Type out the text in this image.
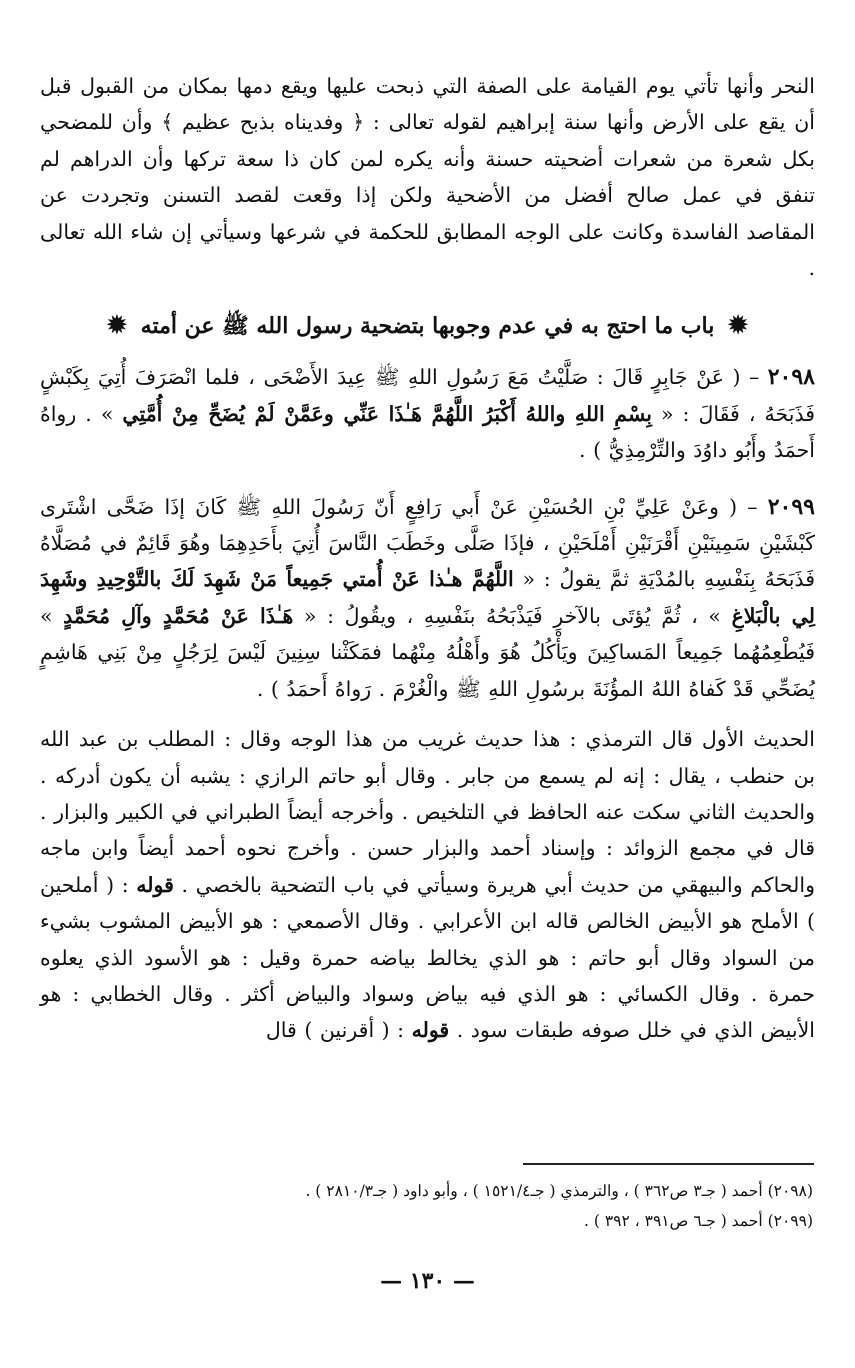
النحر وأنها تأتي يوم القيامة على الصفة التي ذبحت عليها ويقع دمها بمكان من القبول قبل أن يقع على الأرض وأنها سنة إبراهيم لقوله تعالى : ﴿ وفديناه بذبح عظيم ﴾ وأن للمضحي بكل شعرة من شعرات أضحيته حسنة وأنه يكره لمن كان ذا سعة تركها وأن الدراهم لم تنفق في عمل صالح أفضل من الأضحية ولكن إذا وقعت لقصد التسنن وتجردت عن المقاصد الفاسدة وكانت على الوجه المطابق للحكمة في شرعها وسيأتي إن شاء الله تعالى .

✹ باب ما احتج به في عدم وجوبها بتضحية رسول الله ﷺ عن أمته ✹

٢٠٩٨ – ( عَنْ جَابِرٍ قَالَ : صَلَّيْتُ مَعَ رَسُولِ اللهِ ﷺ عِيدَ الأَضْحَى ، فلما انْصَرَفَ أُتِيَ بِكَبْشٍ فَذَبَحَهُ ، فَقَالَ : « بِسْمِ اللهِ واللهُ أَكْبَرُ اللَّهُمَّ هَـٰذَا عَنِّي وعَمَّنْ لَمْ يُضَحِّ مِنْ أُمَّتِي » . رواهُ أَحمَدُ وأَبُو داوُدَ والتِّرْمِذِيُّ ) .

٢٠٩٩ – ( وعَنْ عَلِيِّ بْنِ الحُسَيْنِ عَنْ أَبي رَافِعٍ أَنّ رَسُولَ اللهِ ﷺ كَانَ إذَا ضَحَّى اشْتَرى كَبْشَيْنِ سَمِينَيْنِ أَقْرَنَيْنِ أَمْلَحَيْنِ ، فإذَا صَلَّى وخَطَبَ النَّاسَ أُتِيَ بأَحَدِهِمَا وهُوَ قَائِمٌ في مُصَلَّاهُ فَذَبَحَهُ بِنَفْسِهِ بالمُدْيَةِ ثمَّ يقولُ : « اللَّهُمَّ هـٰذا عَنْ أُمتي جَمِيعاً مَنْ شَهِدَ لَكَ بالتَّوْحِيدِ وشَهِدَ لِي بالْبَلاغِ » ، ثُمَّ يُؤتَى بالآخرِ فَيَذْبَحُهُ بنَفْسِهِ ، ويقُولُ : « هَـٰذَا عَنْ مُحَمَّدٍ وآلِ مُحَمَّدٍ » فَيُطْعِمُهُما جَمِيعاً المَساكِينَ ويَأْكُلُ هُوَ وأَهْلُهُ مِنْهُما فمَكَثْنا سِنِينَ لَيْسَ لِرَجُلٍ مِنْ بَنِي هَاشِمٍ يُضَحِّي قَدْ كَفاهُ اللهُ المؤُنَةَ برسُولِ اللهِ ﷺ والْغُرْمَ . رَواهُ أَحمَدُ ) .

الحديث الأول قال الترمذي : هذا حديث غريب من هذا الوجه وقال : المطلب بن عبد الله بن حنطب ، يقال : إنه لم يسمع من جابر . وقال أبو حاتم الرازي : يشبه أن يكون أدركه . والحديث الثاني سكت عنه الحافظ في التلخيص . وأخرجه أيضاً الطبراني في الكبير والبزار . قال في مجمع الزوائد : وإسناد أحمد والبزار حسن . وأخرج نحوه أحمد أيضاً وابن ماجه والحاكم والبيهقي من حديث أبي هريرة وسيأتي في باب التضحية بالخصي . قوله : ( أملحين ) الأملح هو الأبيض الخالص قاله ابن الأعرابي . وقال الأصمعي : هو الأبيض المشوب بشيء من السواد وقال أبو حاتم : هو الذي يخالط بياضه حمرة وقيل : هو الأسود الذي يعلوه حمرة . وقال الكسائي : هو الذي فيه بياض وسواد والبياض أكثر . وقال الخطابي : هو الأبيض الذي في خلل صوفه طبقات سود . قوله : ( أقرنين ) قال

(٢٠٩٨) أحمد ( جـ٣ ص٣٦٢ ) ، والترمذي ( جـ١٥٢١/٤ ) ، وأبو داود ( جـ٢٨١٠/٣ ) .

(٢٠٩٩) أحمد ( جـ٦ ص٣٩١ ، ٣٩٢ ) .

— ١٣٠ —
